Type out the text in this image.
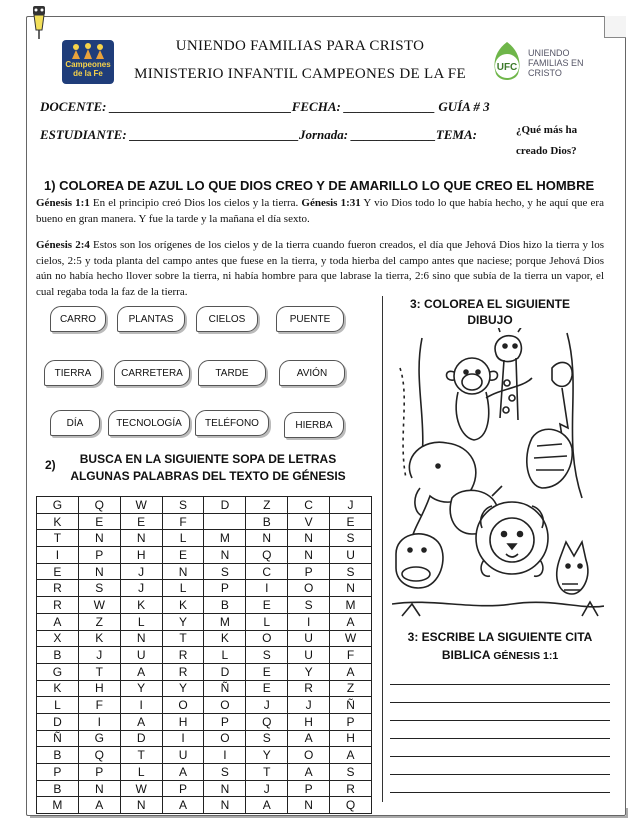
Campeones de la Fe
UNIENDO FAMILIAS PARA CRISTO
MINISTERIO INFANTIL CAMPEONES DE LA FE	UFC
UNIENDO FAMILIAS EN CRISTO
DOCENTE: ____________________________FECHA: ______________ GUÍA # 3
ESTUDIANTE: __________________________Jornada: _____________TEMA:	¿Qué más ha
creado Dios?
1) COLOREA DE AZUL LO QUE DIOS CREO Y DE AMARILLO LO QUE CREO EL HOMBRE
Génesis 1:1 En el principio creó Dios los cielos y la tierra. Génesis 1:31 Y vio Dios todo lo que había hecho, y he aquí que era bueno en gran manera. Y fue la tarde y la mañana el día sexto.
Génesis 2:4 Estos son los orígenes de los cielos y de la tierra cuando fueron creados, el día que Jehová Dios hizo la tierra y los cielos, 2:5 y toda planta del campo antes que fuese en la tierra, y toda hierba del campo antes que naciese; porque Jehová Dios aún no había hecho llover sobre la tierra, ni había hombre para que labrase la tierra, 2:6 sino que subía de la tierra un vapor, el cual regaba toda la faz de la tierra.
CARRO	PLANTAS	CIELOS	PUENTE
TIERRA	CARRETERA	TARDE	AVIÓN
DÍA	TECNOLOGÍA	TELÉFONO	HIERBA
2)	BUSCA EN LA SIGUIENTE SOPA DE LETRAS
ALGUNAS PALABRAS DEL TEXTO DE GÉNESIS
G	Q	W	S	D	Z	C	J
K	E	E	F		B	V	E
T	N	N	L	M	N	N	S
I	P	H	E	N	Q	N	U
E	N	J	N	S	C	P	S
R	S	J	L	P	I	O	N
R	W	K	K	B	E	S	M
A	Z	L	Y	M	L	I	A
X	K	N	T	K	O	U	W
B	J	U	R	L	S	U	F
G	T	A	R	D	E	Y	A
K	H	Y	Y	Ñ	E	R	Z
L	F	I	O	O	J	J	Ñ
D	I	A	H	P	Q	H	P
Ñ	G	D	I	O	S	A	H
B	Q	T	U	I	Y	O	A
P	P	L	A	S	T	A	S
B	N	W	P	N	J	P	R
M	A	N	A	N	A	N	Q
3: COLOREA EL SIGUIENTE
DIBUJO
3: ESCRIBE LA SIGUIENTE CITA
BIBLICA GÉNESIS 1:1
